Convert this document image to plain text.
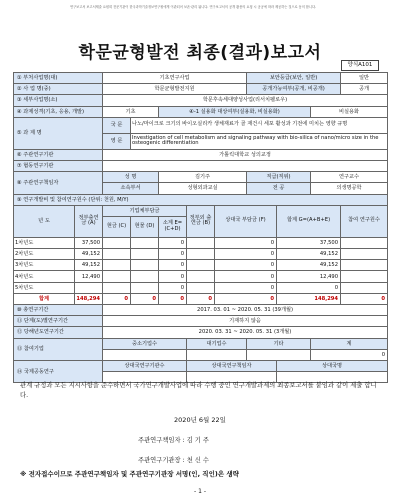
연구보고서 보고서제출 요원회 전문기관이 한국과학기술정보연구원에게 이관되어 보존·관리 됩니다. 연구보고서의 공개 활용의 요청 시 공공에 따라 제공하는 것으로 동의 합니다.
학문균형발전 최종(결과)보고서
양식A101
① 부처사업명(대)		기초연구사업					보안등급(보안, 일반)			일반
② 사 업 명(중)		학문균형발전지원					공개가능여부(공개, 비공개)			공개
③ 세부사업명(소)		학문후속세대양성사업(리서치펠로우)								
④ 과제성격(기초, 응용, 개발)		기초		④-1 실용화 대상여부(실용화, 비실용화)					비실용화	
⑤ 과 제 명		국 문	나노/마이크로 크기의 바이오실리카 생체재료가 골 재건시 세포 활성과 기전에 미치는 영향 규명							
		영 문	Investigation of cell metabolism and signaling pathway with bio-silica of nano/micro size in the osteogenic differentiation							
⑥ 주관연구기관		가톨릭대학교 성의교정								
⑦ 협동연구기관										
⑧ 주관연구책임자		성 명		김기주			직급(직위)		연구교수	
		소속부서		성형외과교실			전 공		의생명공학	
⑨ 연구개발비 및 참여연구원수 (단위: 천원, M/Y)										
년 도	정부출연금 (A)	기업체부담금			정부외 출연금 (B)	상대국 부담금 (F)		합계 G=(A+B+E)		참여 연구원수
		현금 (C)	현물 (D)	소계 E=(C+D)						
1차년도	37,500			0		0		37,500		
2차년도	49,152			0		0		49,152		
3차년도	49,152			0		0		49,152		
4차년도	12,490			0		0		12,490		
5차년도				0		0		0		
합계	148,294	0	0	0	0	0		148,294		0
⑩ 총연구기간		2017. 03. 01 ~ 2020. 05. 31 (39개월)								
⑪ 단계(도)별연구기간		기재하지 않음								
⑫ 당해년도연구기간		2020. 03. 31 ~ 2020. 05. 31 (3개월)								
⑬ 참여기업		중소기업수			대기업수		기타		계	
									0	
⑭ 국제공동연구		상대국연구기관수			상대국연구책임자			상대국명		

관계 규정과 모든 지시사항을 준수하면서 국가연구개발사업에 따라 수행 중인 연구개발과제의 최종보고서를 붙임과 같이 제출 합니다.
2020년 6월 22일
주관연구책임자 : 김 기 주
주관연구기관장 : 천 신 수
※ 전자접수이므로 주관연구책임자 및 주관연구기관장 서명(인, 직인)은 생략
- 1 -
